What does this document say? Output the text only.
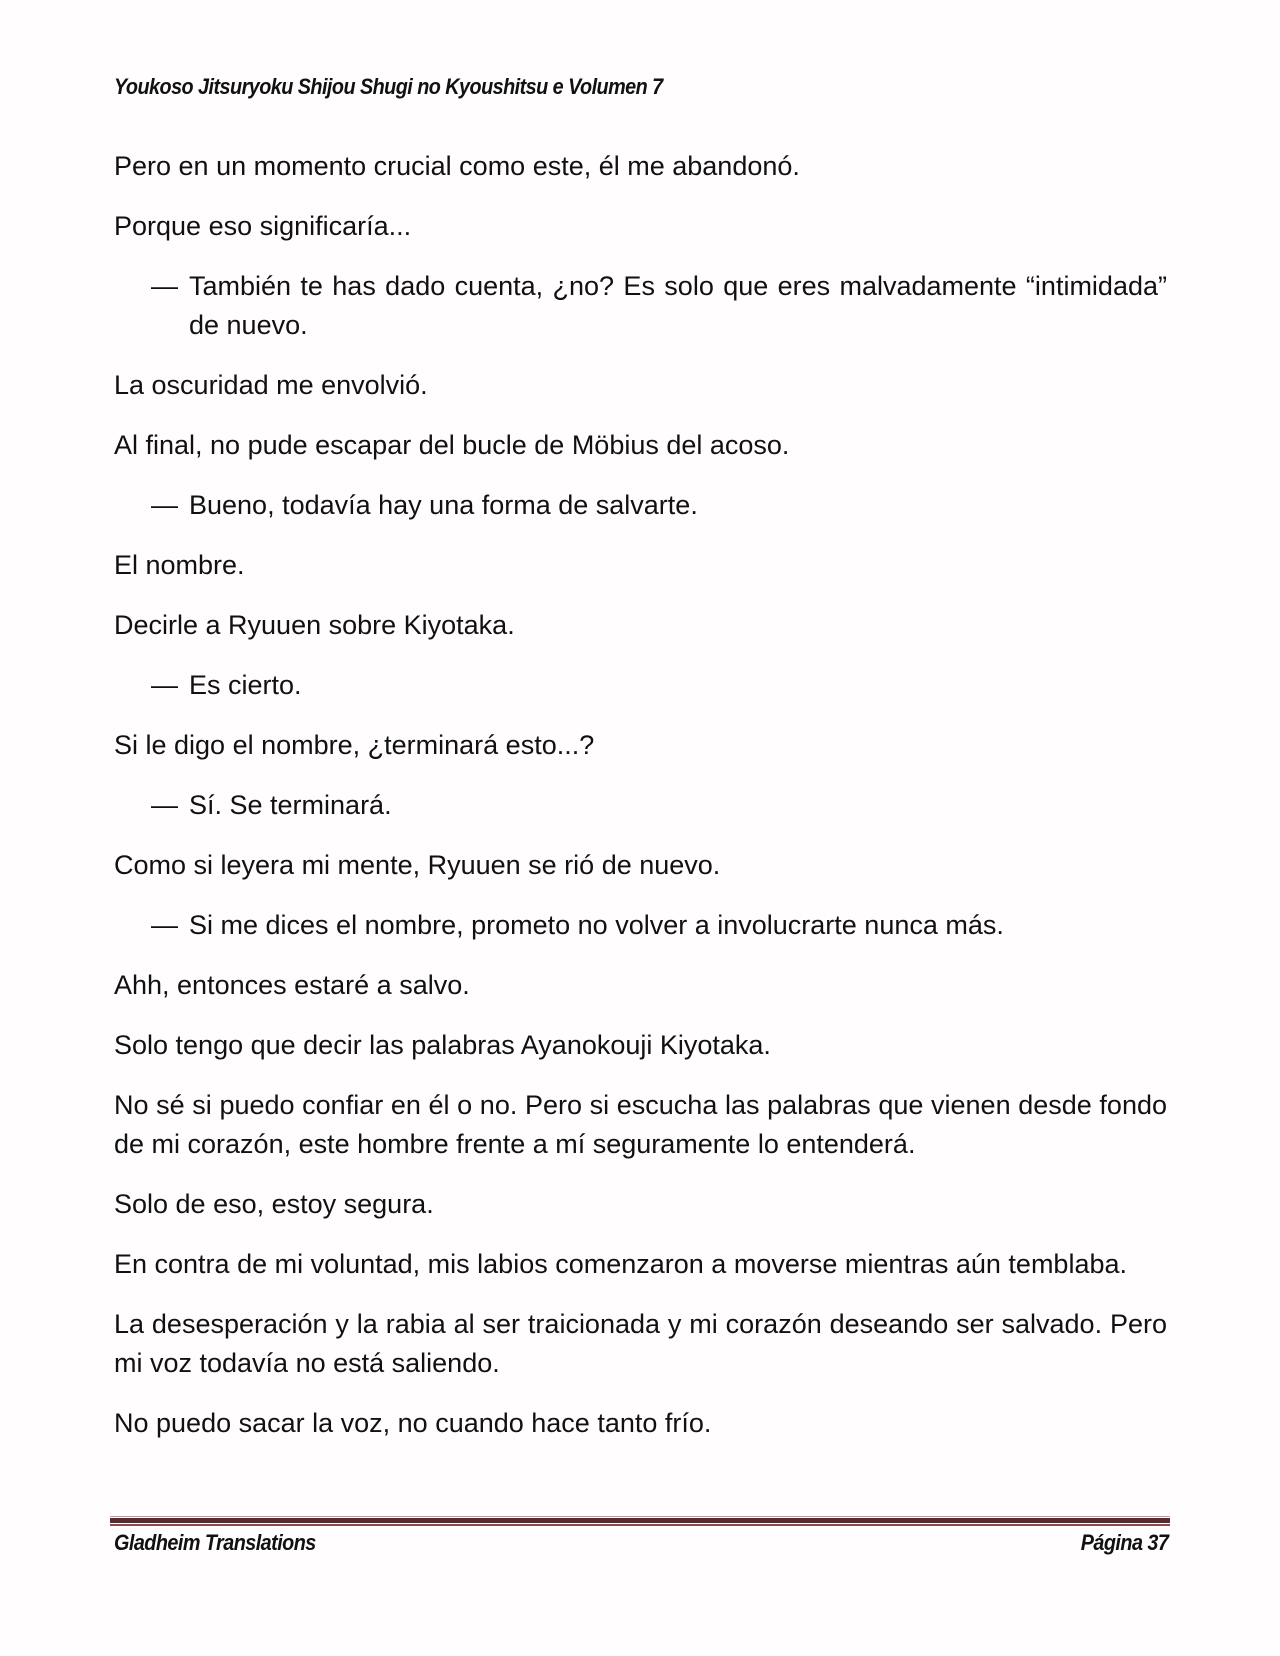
Youkoso Jitsuryoku Shijou Shugi no Kyoushitsu e Volumen 7

Pero en un momento crucial como este, él me abandonó.

Porque eso significaría...

— También te has dado cuenta, ¿no? Es solo que eres malvadamente “intimidada” de nuevo.

La oscuridad me envolvió.

Al final, no pude escapar del bucle de Möbius del acoso.

— Bueno, todavía hay una forma de salvarte.

El nombre.

Decirle a Ryuuen sobre Kiyotaka.

— Es cierto.

Si le digo el nombre, ¿terminará esto...?

— Sí. Se terminará.

Como si leyera mi mente, Ryuuen se rió de nuevo.

— Si me dices el nombre, prometo no volver a involucrarte nunca más.

Ahh, entonces estaré a salvo.

Solo tengo que decir las palabras Ayanokouji Kiyotaka.

No sé si puedo confiar en él o no. Pero si escucha las palabras que vienen desde fondo de mi corazón, este hombre frente a mí seguramente lo entenderá.

Solo de eso, estoy segura.

En contra de mi voluntad, mis labios comenzaron a moverse mientras aún temblaba.

La desesperación y la rabia al ser traicionada y mi corazón deseando ser salvado. Pero mi voz todavía no está saliendo.

No puedo sacar la voz, no cuando hace tanto frío.

Gladheim Translations	Página 37
